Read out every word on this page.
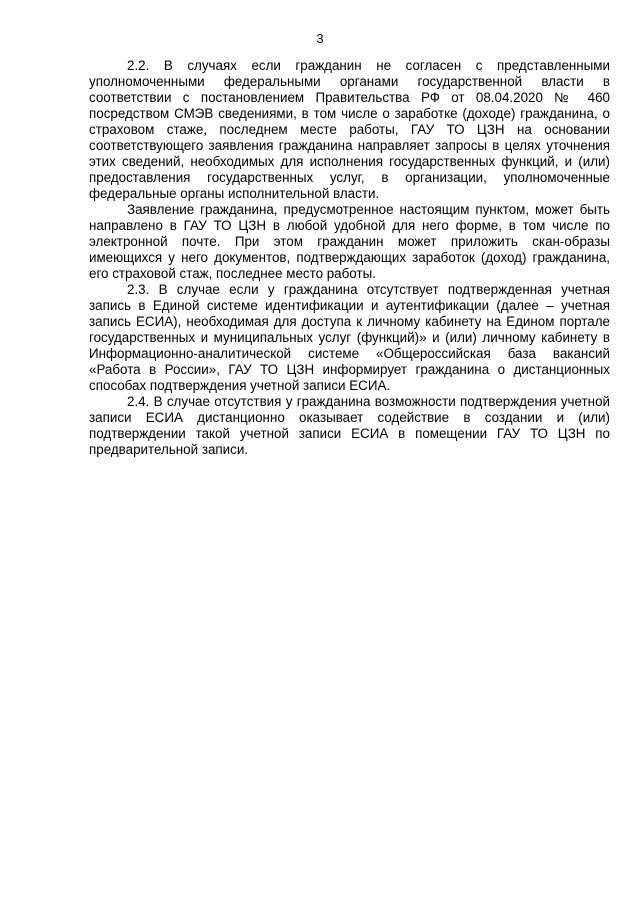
3

2.2. В случаях если гражданин не согласен с представленными уполномоченными федеральными органами государственной власти в соответствии с постановлением Правительства РФ от 08.04.2020 № 460 посредством СМЭВ сведениями, в том числе о заработке (доходе) гражданина, о страховом стаже, последнем месте работы, ГАУ ТО ЦЗН на основании соответствующего заявления гражданина направляет запросы в целях уточнения этих сведений, необходимых для исполнения государственных функций, и (или) предоставления государственных услуг, в организации, уполномоченные федеральные органы исполнительной власти.

Заявление гражданина, предусмотренное настоящим пунктом, может быть направлено в ГАУ ТО ЦЗН в любой удобной для него форме, в том числе по электронной почте. При этом гражданин может приложить скан-образы имеющихся у него документов, подтверждающих заработок (доход) гражданина, его страховой стаж, последнее место работы.

2.3. В случае если у гражданина отсутствует подтвержденная учетная запись в Единой системе идентификации и аутентификации (далее – учетная запись ЕСИА), необходимая для доступа к личному кабинету на Едином портале государственных и муниципальных услуг (функций)» и (или) личному кабинету в Информационно-аналитической системе «Общероссийская база вакансий «Работа в России», ГАУ ТО ЦЗН информирует гражданина о дистанционных способах подтверждения учетной записи ЕСИА.

2.4. В случае отсутствия у гражданина возможности подтверждения учетной записи ЕСИА дистанционно оказывает содействие в создании и (или) подтверждении такой учетной записи ЕСИА в помещении ГАУ ТО ЦЗН по предварительной записи.
